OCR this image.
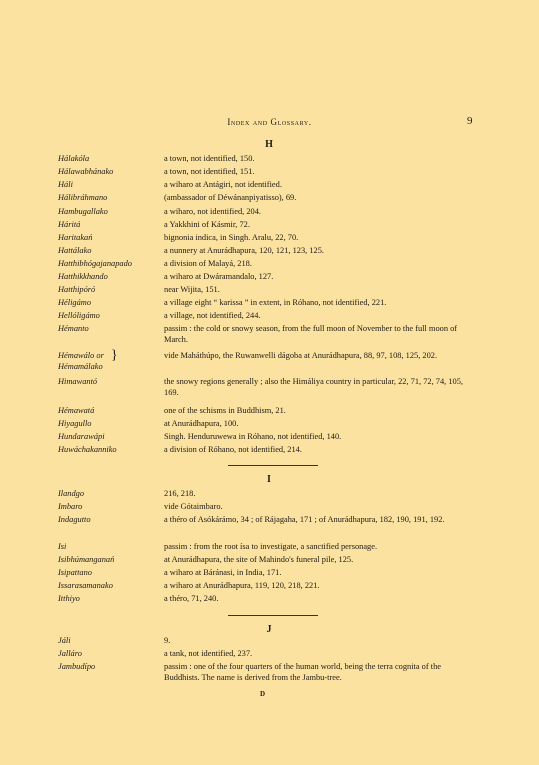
Index and Glossary.	9
H
Hálakóla	a town, not identified, 150.
Hálawabhánako	a town, not identified, 151.
Háli	a wiharo at Antágiri, not identified.
Hálibráhmano	(ambassador of Déwánanpiyatisso), 69.
Hambugallako	a wiharo, not identified, 204.
Háritá	a Yakkhini of Kásmir, 72.
Haritakań	bignonia indica, in Singh. Aralu, 22, 70.
Hattálako	a nunnery at Anurádhapura, 120, 121, 123, 125.
Hatthibhógajanapado	a division of Malayá, 218.
Hatthikkhando	a wiharo at Dwáramandalo, 127.
Hatthipóró	near Wijita, 151.
Héligámo	a village eight “ karissa ” in extent, in Róhano, not identified, 221.
Hellóligámo	a village, not identified, 244.
Hémanto	passim : the cold or snowy season, from the full moon of November to the full moon of March.
Hémawálo or
Hémamálako
}	vide Maháthúpo, the Ruwanwelli dágoba at Anurádhapura, 88, 97, 108, 125, 202.
Himawantó	the snowy regions generally ; also the Himáliya country in particular, 22, 71, 72, 74, 105, 169.
Hémawatá	one of the schisms in Buddhism, 21.
Hiyagullo	at Anurádhapura, 100.
Hundarawápi	Singh. Henduruwewa in Róhano, not identified, 140.
Huwáchakanniko	a division of Róhano, not identified, 214.
I
Ilandgo	216, 218.
Imbaro	vide Gótaimbaro.
Indagutto	a théro of Asókárámo, 34 ; of Rájagaha, 171 ; of Anurádhapura, 182, 190, 191, 192.
Isi	passim : from the root ísa to investigate, a sanctified personage.
Isibhúmanganań	at Anurádhapura, the site of Mahindo's funeral pile, 125.
Isipattano	a wiharo at Báránasi, in India, 171.
Issarasamanako	a wiharo at Anurádhapura, 119, 120, 218, 221.
Itthiyo	a théro, 71, 240.
J
Jáli	9.
Jalláro	a tank, not identified, 237.
Jambudípo	passim : one of the four quarters of the human world, being the terra cognita of the Buddhists. The name is derived from the Jambu-tree.
D
